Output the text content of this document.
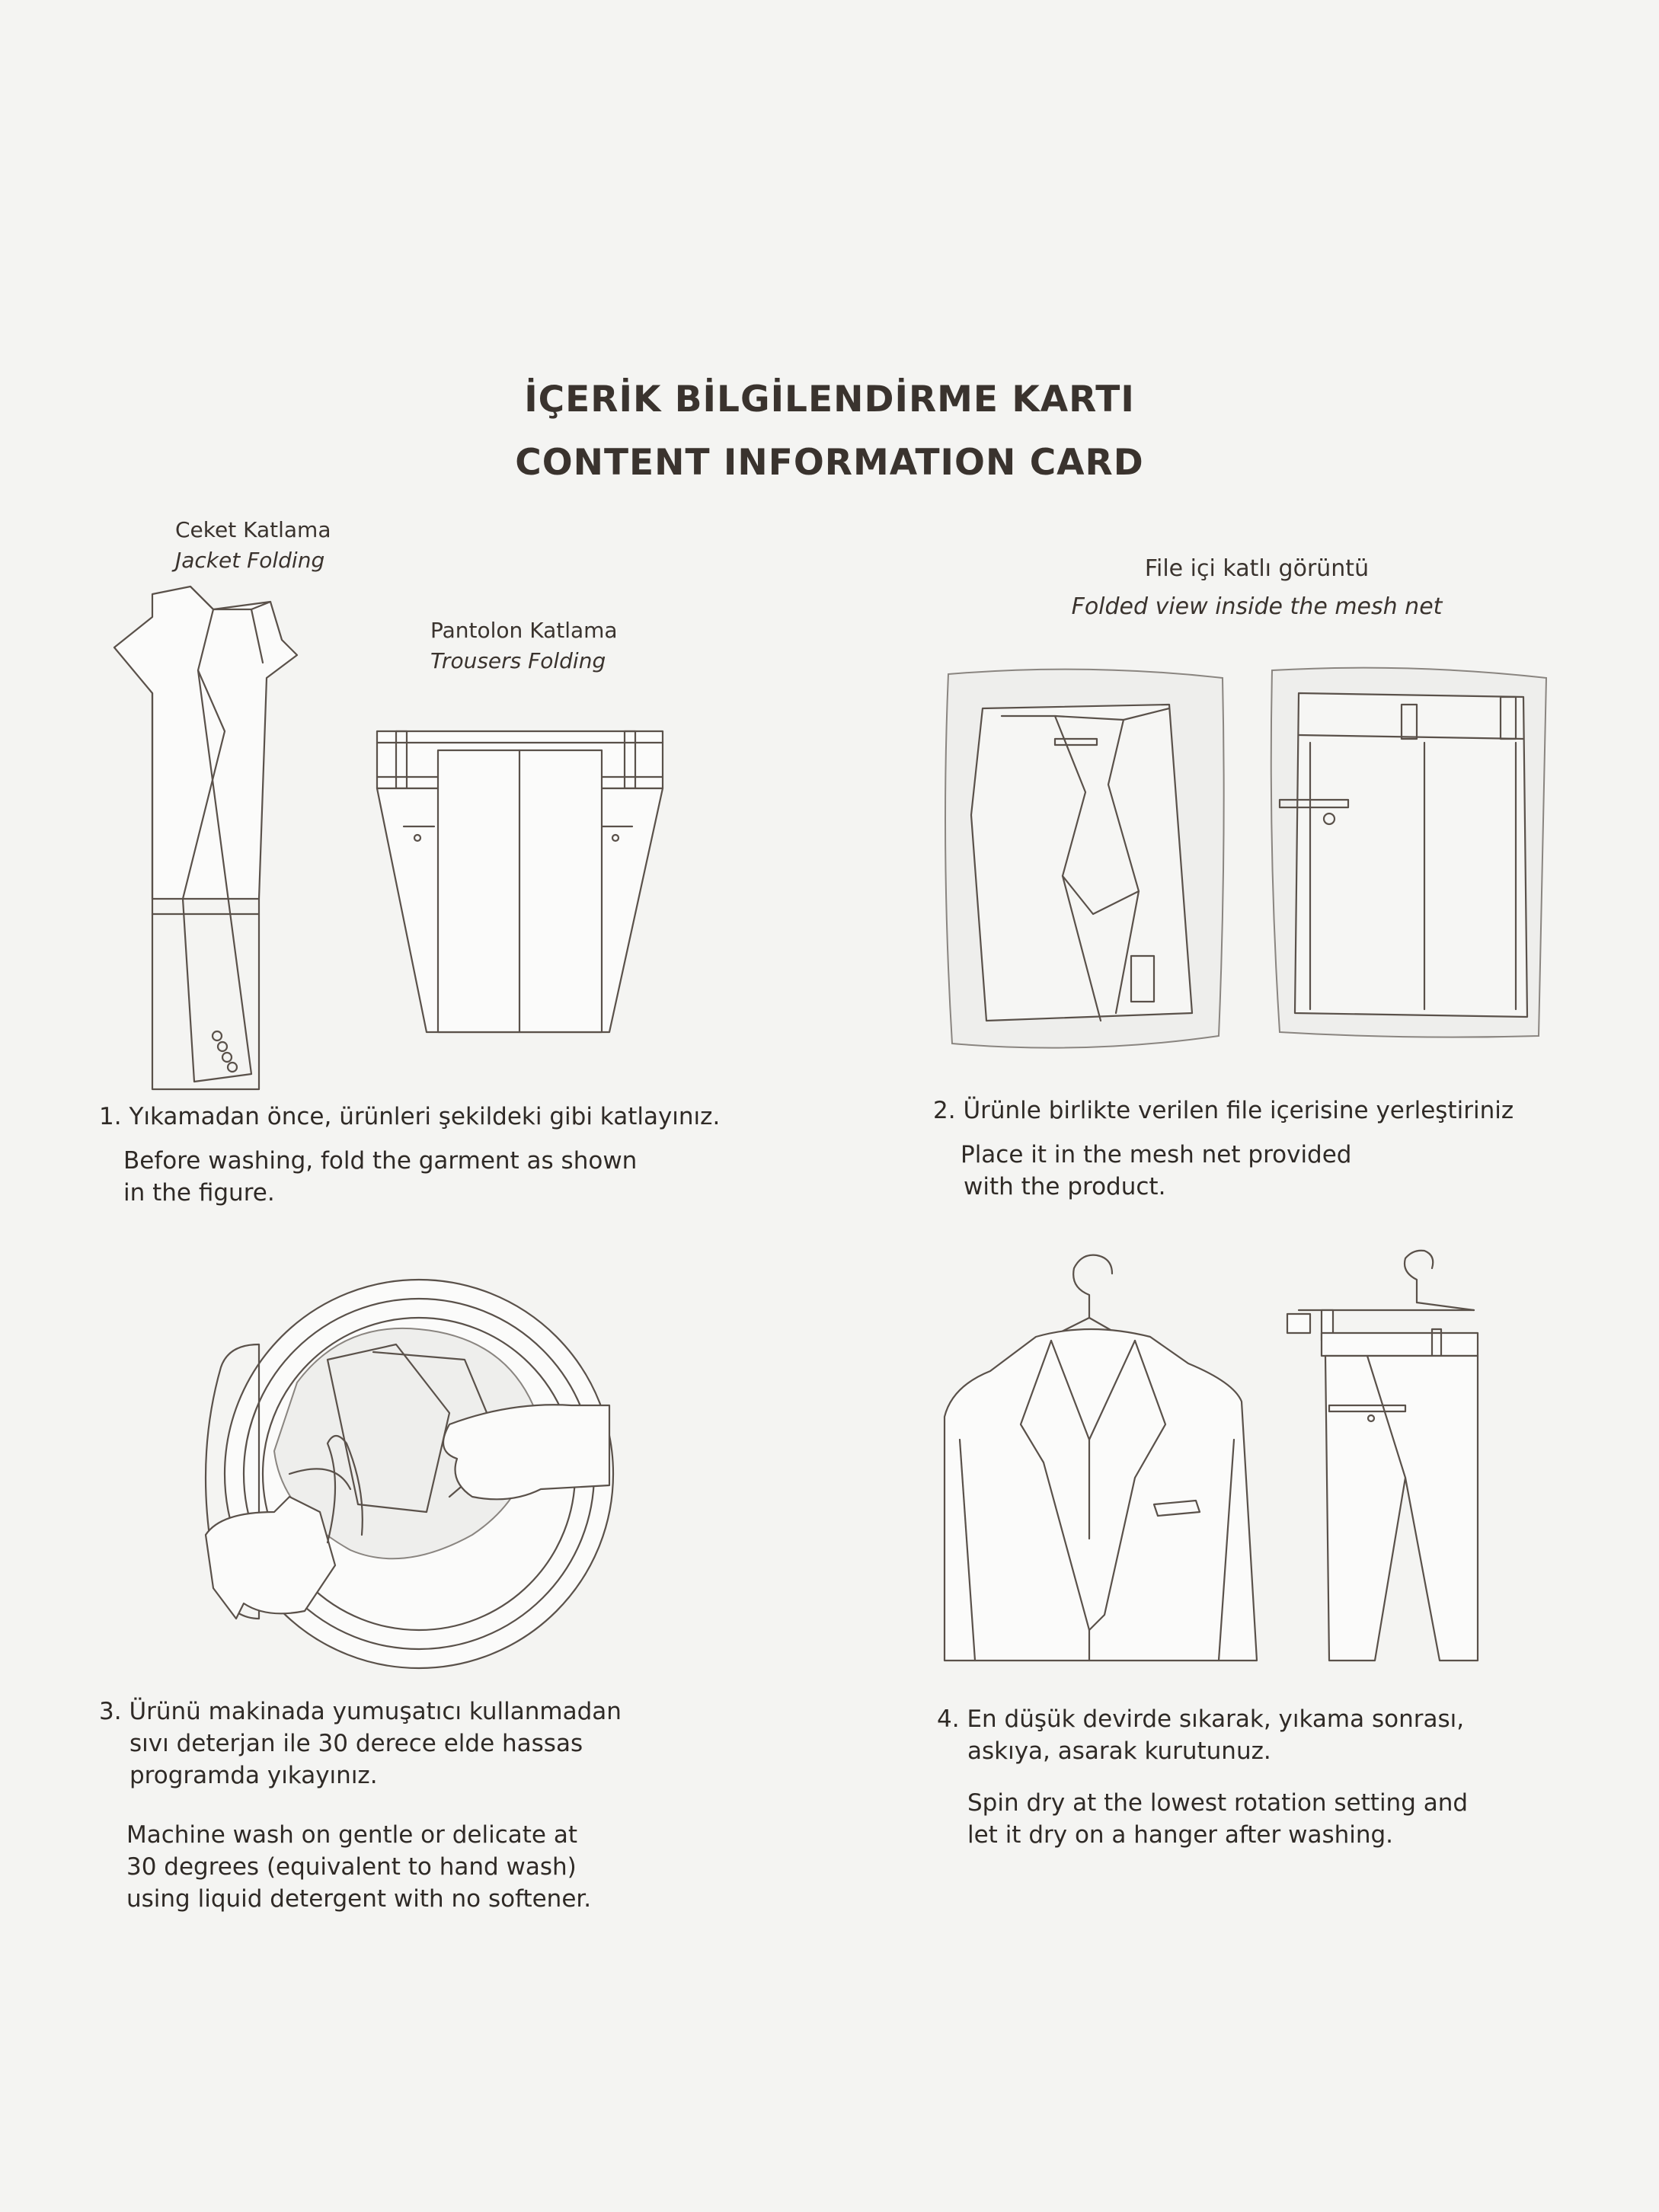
İÇERİK BİLGİLENDİRME KARTI
CONTENT INFORMATION CARD
Ceket Katlama
Jacket Folding
Pantolon Katlama
Trousers Folding
File içi katlı görüntü
Folded view inside the mesh net

1. Yıkamadan önce, ürünleri şekildeki gibi katlayınız.

Before washing, fold the garment as shown

in the figure.

2. Ürünle birlikte verilen file içerisine yerleştiriniz

Place it in the mesh net provided

with the product.

3. Ürünü makinada yumuşatıcı kullanmadan

sıvı deterjan ile 30 derece elde hassas

programda yıkayınız.

Machine wash on gentle or delicate at

30 degrees (equivalent to hand wash)

using liquid detergent with no softener.

4. En düşük devirde sıkarak, yıkama sonrası,

askıya, asarak kurutunuz.

Spin dry at the lowest rotation setting and

let it dry on a hanger after washing.
